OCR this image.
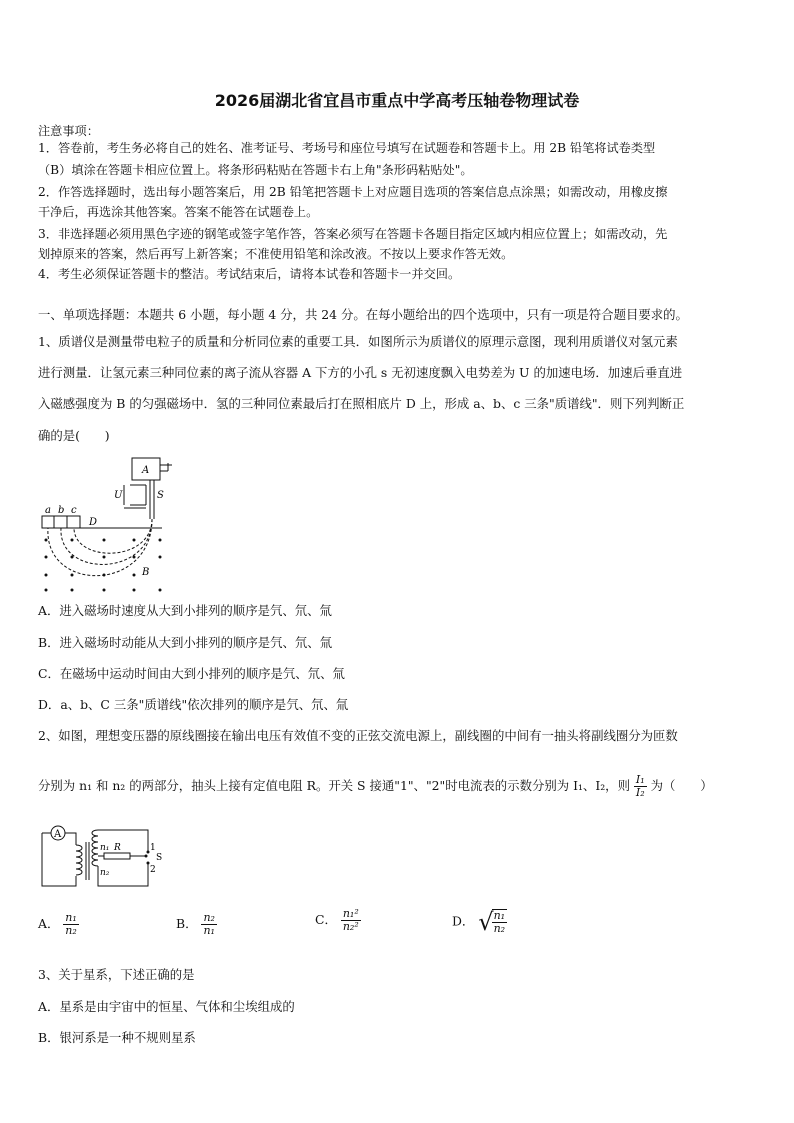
2026届湖北省宜昌市重点中学高考压轴卷物理试卷
注意事项：
1．答卷前，考生务必将自己的姓名、准考证号、考场号和座位号填写在试题卷和答题卡上。用 2B 铅笔将试卷类型
（B）填涂在答题卡相应位置上。将条形码粘贴在答题卡右上角"条形码粘贴处"。
2．作答选择题时，选出每小题答案后，用 2B 铅笔把答题卡上对应题目选项的答案信息点涂黑；如需改动，用橡皮擦
干净后，再选涂其他答案。答案不能答在试题卷上。
3．非选择题必须用黑色字迹的钢笔或签字笔作答，答案必须写在答题卡各题目指定区域内相应位置上；如需改动，先
划掉原来的答案，然后再写上新答案；不准使用铅笔和涂改液。不按以上要求作答无效。
4．考生必须保证答题卡的整洁。考试结束后，请将本试卷和答题卡一并交回。
一、单项选择题：本题共 6 小题，每小题 4 分，共 24 分。在每小题给出的四个选项中，只有一项是符合题目要求的。
1、质谱仪是测量带电粒子的质量和分析同位素的重要工具．如图所示为质谱仪的原理示意图，现利用质谱仪对氢元素
进行测量．让氢元素三种同位素的离子流从容器 A 下方的小孔 s 无初速度飘入电势差为 U 的加速电场．加速后垂直进
入磁感强度为 B 的匀强磁场中．氢的三种同位素最后打在照相底片 D 上，形成 a、b、c 三条"质谱线"．则下列判断正
确的是(　　)
A
U	S
a b c
D
B
A．进入磁场时速度从大到小排列的顺序是氕、氘、氚
B．进入磁场时动能从大到小排列的顺序是氕、氘、氚
C．在磁场中运动时间由大到小排列的顺序是氕、氘、氚
D．a、b、C 三条"质谱线"依次排列的顺序是氕、氘、氚
2、如图，理想变压器的原线圈接在输出电压有效值不变的正弦交流电源上，副线圈的中间有一抽头将副线圈分为匝数
分别为 n₁ 和 n₂ 的两部分，抽头上接有定值电阻 R。开关 S 接通"1"、"2"时电流表的示数分别为 I₁、I₂，则 $\frac{\text{I₁}}{\text{I₂}}$ 为（　　）
A
n₁
n₂
R	1
S
2
A． $\frac{\text{n₁}}{\text{n₂}}$	B． $\frac{\text{n₂}}{\text{n₁}}$	C． $\frac{\text{n₁²}}{\text{n₂²}}$	D． √
$\frac{\text{n₁}}{\text{n₂}}$
3、关于星系，下述正确的是
A．星系是由宇宙中的恒星、气体和尘埃组成的
B．银河系是一种不规则星系
